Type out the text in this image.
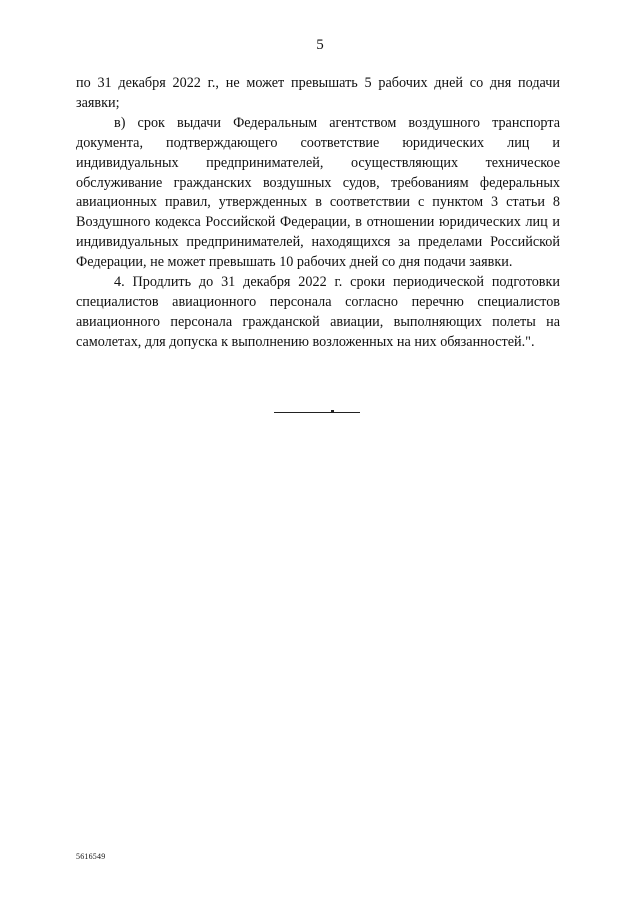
5

по 31 декабря 2022 г., не может превышать 5 рабочих дней со дня подачи заявки;

в) срок выдачи Федеральным агентством воздушного транспорта документа, подтверждающего соответствие юридических лиц и индивидуальных предпринимателей, осуществляющих техническое обслуживание гражданских воздушных судов, требованиям федеральных авиационных правил, утвержденных в соответствии с пунктом 3 статьи 8 Воздушного кодекса Российской Федерации, в отношении юридических лиц и индивидуальных предпринимателей, находящихся за пределами Российской Федерации, не может превышать 10 рабочих дней со дня подачи заявки.

4. Продлить до 31 декабря 2022 г. сроки периодической подготовки специалистов авиационного персонала согласно перечню специалистов авиационного персонала гражданской авиации, выполняющих полеты на самолетах, для допуска к выполнению возложенных на них обязанностей.".

5616549
